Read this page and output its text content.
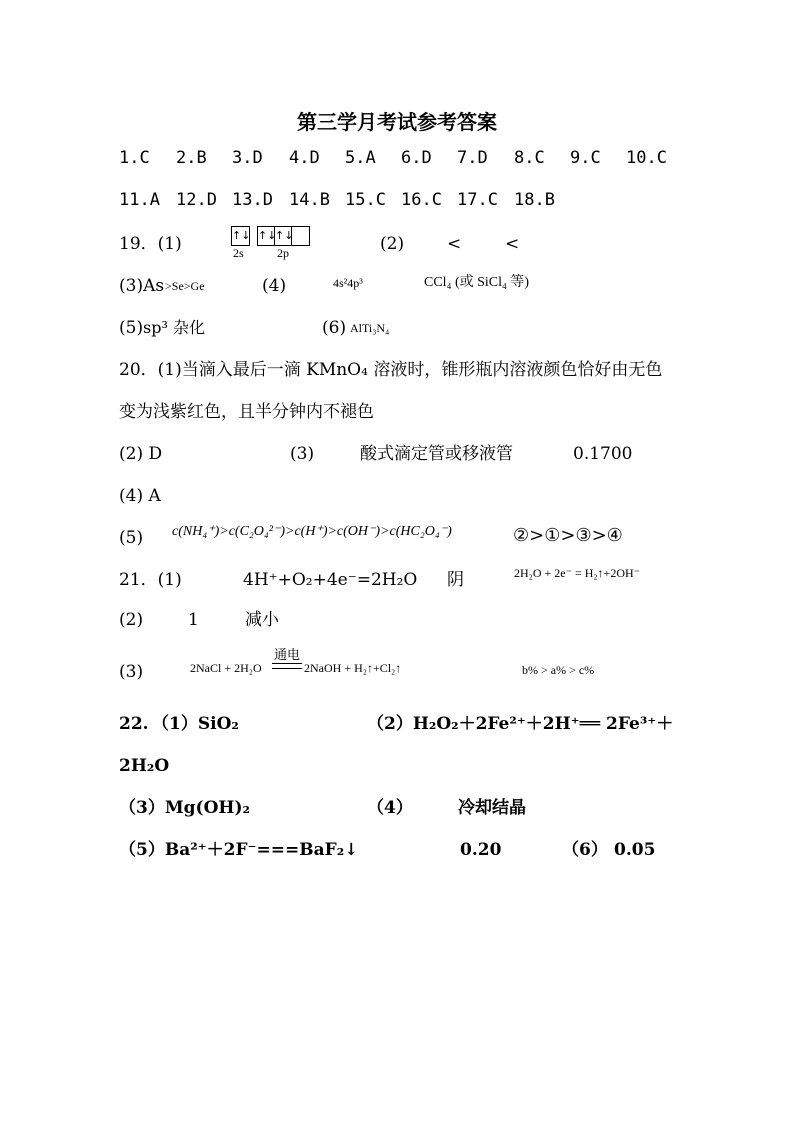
第三学月考试参考答案
1.C 2.B 3.D 4.D 5.A 6.D 7.D 8.C 9.C 10.C
11.A 12.D 13.D 14.B 15.C 16.C 17.C 18.B
19．(1)	↑↓ ↑↓↑↓
2s	2p	(2)	<	<
(3)As >Se>Ge	(4)	4s²4p³	CCl₄ (或 SiCl₄ 等)
(5) sp³ 杂化	(6) AlTi₃N₄
20．(1)当滴入最后一滴 KMnO₄ 溶液时，锥形瓶内溶液颜色恰好由无色
变为浅紫红色，且半分钟内不褪色
(2) D	(3)	酸式滴定管或移液管	0.1700
(4) A
(5) c(NH₄⁺)>c(C₂O₄²⁻)>c(H⁺)>c(OH⁻)>c(HC₂O₄⁻)	②>①>③>④
21．(1)	4H⁺+O₂+4e⁻=2H₂O 阴	2H₂O + 2e⁻ = H₂↑+2OH⁻
(2)	1	减小
(3)	2NaCl + 2H₂O
通电
2NaOH + H₂↑+Cl₂↑	b% > a% > c%
22. （1）SiO₂	（2）H₂O₂＋2Fe²⁺＋2H⁺══ 2Fe³⁺＋
2H₂O
（3）Mg(OH)₂	（4）	冷却结晶
（5）Ba²⁺＋2F⁻===BaF₂↓	0.20	（6） 0.05
